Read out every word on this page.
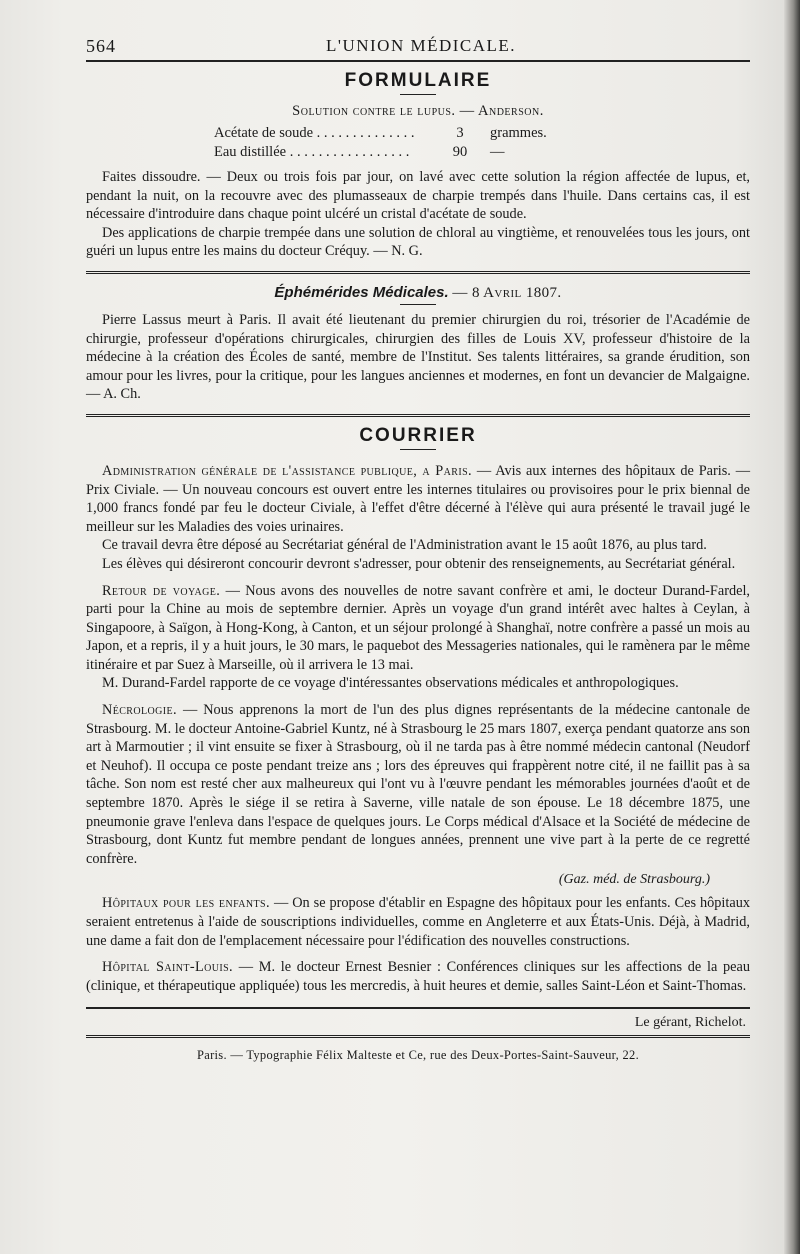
564	L'UNION MÉDICALE.
FORMULAIRE
Solution contre le lupus. — Anderson.
Acétate de soude . . . . . . . . . . . . . .	3	grammes.
Eau distillée . . . . . . . . . . . . . . . . .	90	—

Faites dissoudre. — Deux ou trois fois par jour, on lavé avec cette solution la région affectée de lupus, et, pendant la nuit, on la recouvre avec des plumasseaux de charpie trempés dans l'huile. Dans certains cas, il est nécessaire d'introduire dans chaque point ulcéré un cristal d'acétate de soude.

Des applications de charpie trempée dans une solution de chloral au vingtième, et renouvelées tous les jours, ont guéri un lupus entre les mains du docteur Créquy. — N. G.

Éphémérides Médicales. — 8 Avril 1807.

Pierre Lassus meurt à Paris. Il avait été lieutenant du premier chirurgien du roi, trésorier de l'Académie de chirurgie, professeur d'opérations chirurgicales, chirurgien des filles de Louis XV, professeur d'histoire de la médecine à la création des Écoles de santé, membre de l'Institut. Ses talents littéraires, sa grande érudition, son amour pour les livres, pour la critique, pour les langues anciennes et modernes, en font un devancier de Malgaigne. — A. Ch.

COURRIER

Administration générale de l'assistance publique, a Paris. — Avis aux internes des hôpitaux de Paris. — Prix Civiale. — Un nouveau concours est ouvert entre les internes titulaires ou provisoires pour le prix biennal de 1,000 francs fondé par feu le docteur Civiale, à l'effet d'être décerné à l'élève qui aura présenté le travail jugé le meilleur sur les Maladies des voies urinaires.

Ce travail devra être déposé au Secrétariat général de l'Administration avant le 15 août 1876, au plus tard.

Les élèves qui désireront concourir devront s'adresser, pour obtenir des renseignements, au Secrétariat général.

Retour de voyage. — Nous avons des nouvelles de notre savant confrère et ami, le docteur Durand-Fardel, parti pour la Chine au mois de septembre dernier. Après un voyage d'un grand intérêt avec haltes à Ceylan, à Singapoore, à Saïgon, à Hong-Kong, à Canton, et un séjour prolongé à Shanghaï, notre confrère a passé un mois au Japon, et a repris, il y a huit jours, le 30 mars, le paquebot des Messageries nationales, qui le ramènera par le même itinéraire et par Suez à Marseille, où il arrivera le 13 mai.

M. Durand-Fardel rapporte de ce voyage d'intéressantes observations médicales et anthropologiques.

Nécrologie. — Nous apprenons la mort de l'un des plus dignes représentants de la médecine cantonale de Strasbourg. M. le docteur Antoine-Gabriel Kuntz, né à Strasbourg le 25 mars 1807, exerça pendant quatorze ans son art à Marmoutier ; il vint ensuite se fixer à Strasbourg, où il ne tarda pas à être nommé médecin cantonal (Neudorf et Neuhof). Il occupa ce poste pendant treize ans ; lors des épreuves qui frappèrent notre cité, il ne faillit pas à sa tâche. Son nom est resté cher aux malheureux qui l'ont vu à l'œuvre pendant les mémorables journées d'août et de septembre 1870. Après le siége il se retira à Saverne, ville natale de son épouse. Le 18 décembre 1875, une pneumonie grave l'enleva dans l'espace de quelques jours. Le Corps médical d'Alsace et la Société de médecine de Strasbourg, dont Kuntz fut membre pendant de longues années, prennent une vive part à la perte de ce regretté confrère.

(Gaz. méd. de Strasbourg.)

Hôpitaux pour les enfants. — On se propose d'établir en Espagne des hôpitaux pour les enfants. Ces hôpitaux seraient entretenus à l'aide de souscriptions individuelles, comme en Angleterre et aux États-Unis. Déjà, à Madrid, une dame a fait don de l'emplacement nécessaire pour l'édification des nouvelles constructions.

Hôpital Saint-Louis. — M. le docteur Ernest Besnier : Conférences cliniques sur les affections de la peau (clinique, et thérapeutique appliquée) tous les mercredis, à huit heures et demie, salles Saint-Léon et Saint-Thomas.

Le gérant, Richelot.
Paris. — Typographie Félix Malteste et Ce, rue des Deux-Portes-Saint-Sauveur, 22.
